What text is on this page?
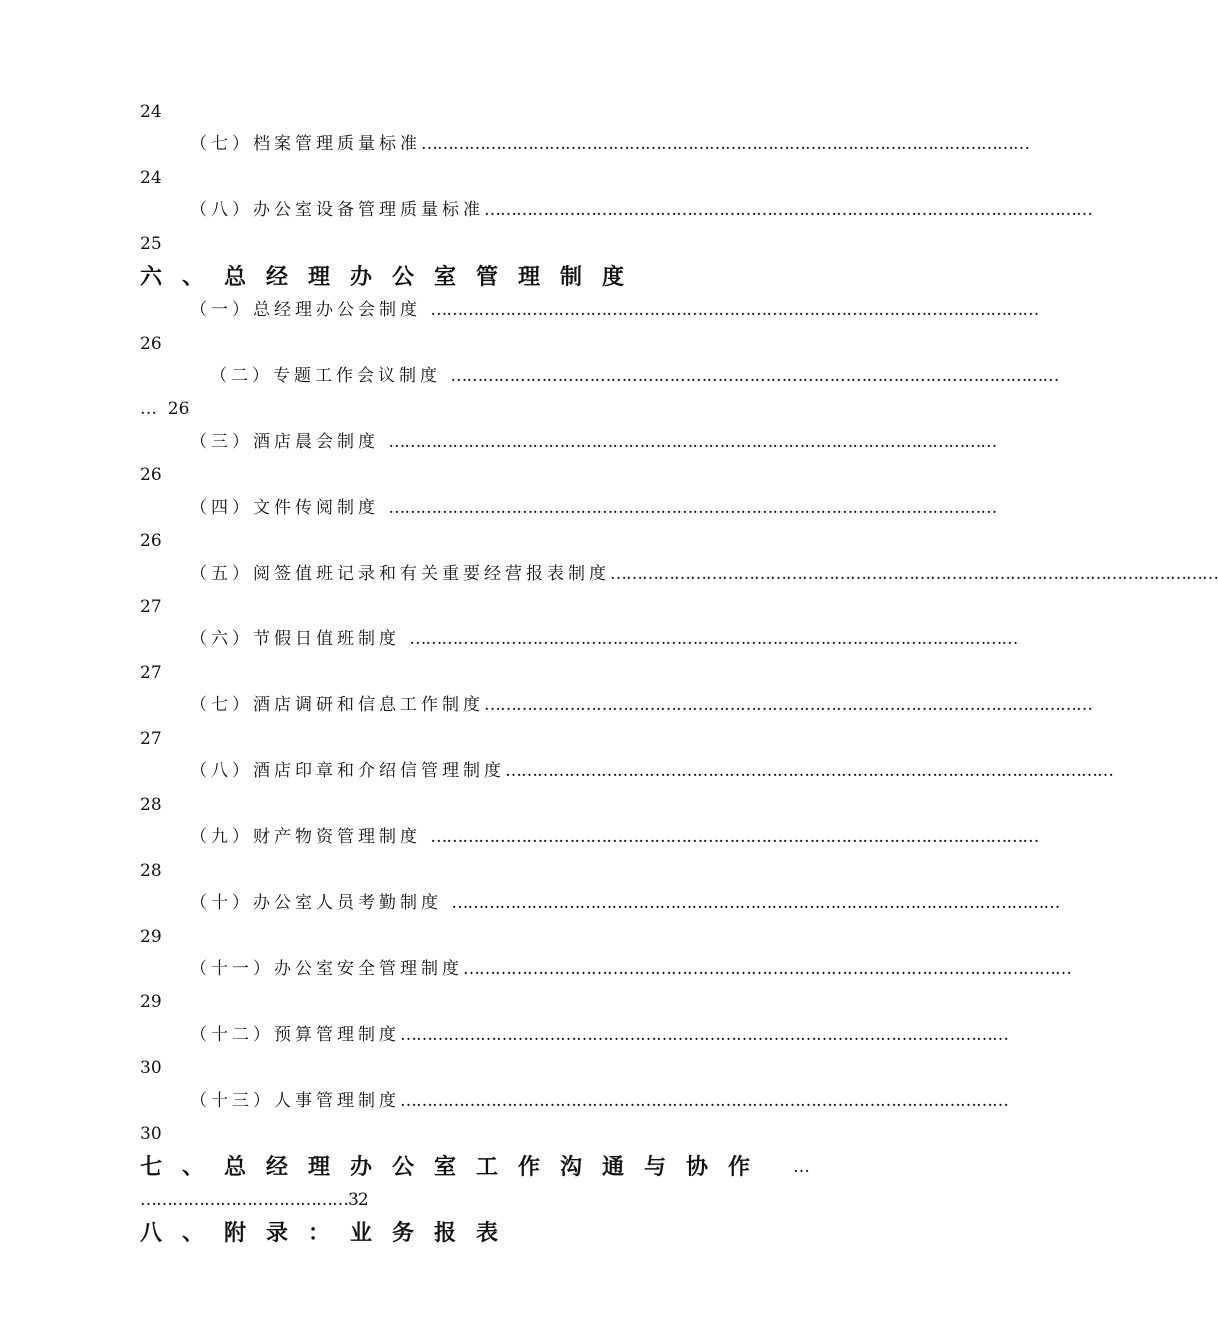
24
（七）档案管理质量标准 ……………………………………………………………………………………………………
24
（八）办公室设备管理质量标准 ……………………………………………………………………………………………………
25
六、总经理办公室管理制度
（一）总经理办公会制度 ……………………………………………………………………………………………………
26
（二）专题工作会议制度 ……………………………………………………………………………………………………
…  26
（三）酒店晨会制度 ……………………………………………………………………………………………………
26
（四）文件传阅制度 ……………………………………………………………………………………………………
26
（五）阅签值班记录和有关重要经营报表制度 ……………………………………………………………………………………………………
27
（六）节假日值班制度 ……………………………………………………………………………………………………
27
（七）酒店调研和信息工作制度 ……………………………………………………………………………………………………
27
（八）酒店印章和介绍信管理制度 ……………………………………………………………………………………………………
28
（九）财产物资管理制度 ……………………………………………………………………………………………………
28
（十）办公室人员考勤制度 ……………………………………………………………………………………………………
29
（十一）办公室安全管理制度 ……………………………………………………………………………………………………
29
（十二）预算管理制度 ……………………………………………………………………………………………………
30
（十三）人事管理制度 ……………………………………………………………………………………………………
30
七、总经理办公室工作沟通与协作	…
…………………………………32
八、附录：业务报表
